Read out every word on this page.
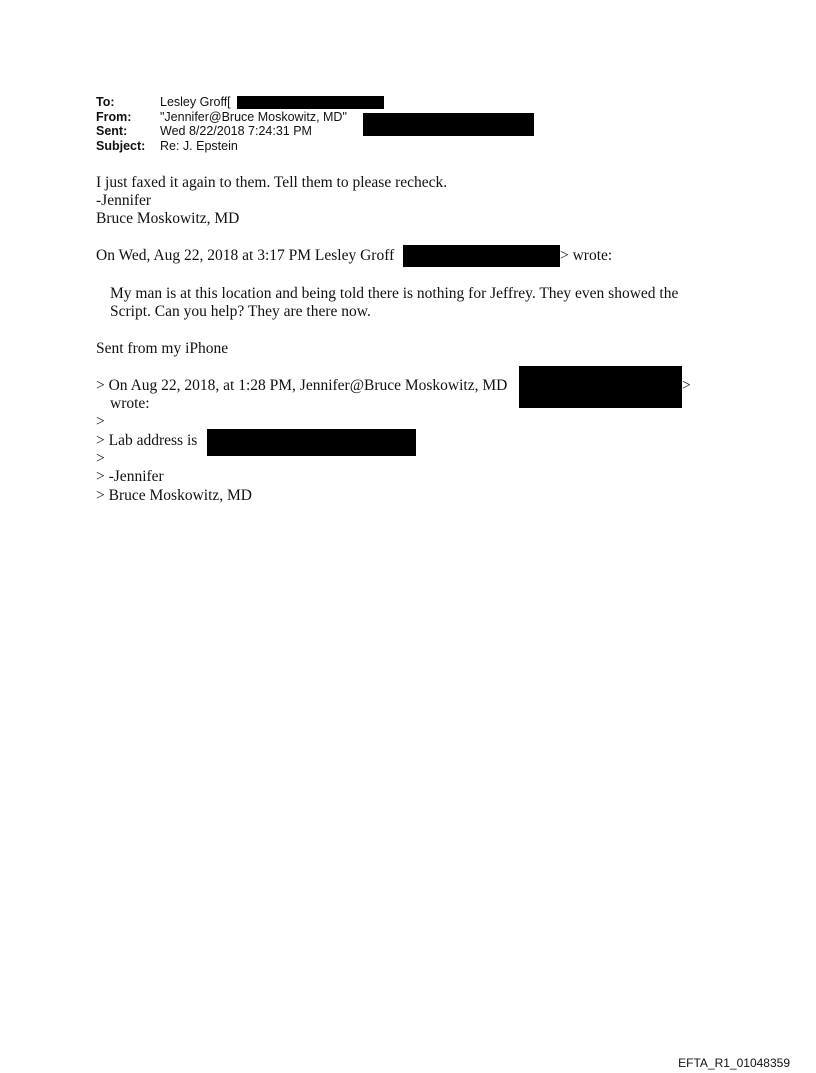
To:	Lesley Groff[
From: "Jennifer@Bruce Moskowitz, MD"
Sent:	Wed 8/22/2018 7:24:31 PM
Subject: Re: J. Epstein
I just faxed it again to them. Tell them to please recheck.
-Jennifer
Bruce Moskowitz, MD
On Wed, Aug 22, 2018 at 3:17 PM Lesley Groff	> wrote:
My man is at this location and being told there is nothing for Jeffrey. They even showed the
Script. Can you help? They are there now.
Sent from my iPhone
> On Aug 22, 2018, at 1:28 PM, Jennifer@Bruce Moskowitz, MD	>
wrote:
>
> Lab address is
>
> -Jennifer
> Bruce Moskowitz, MD
EFTA_R1_01048359
